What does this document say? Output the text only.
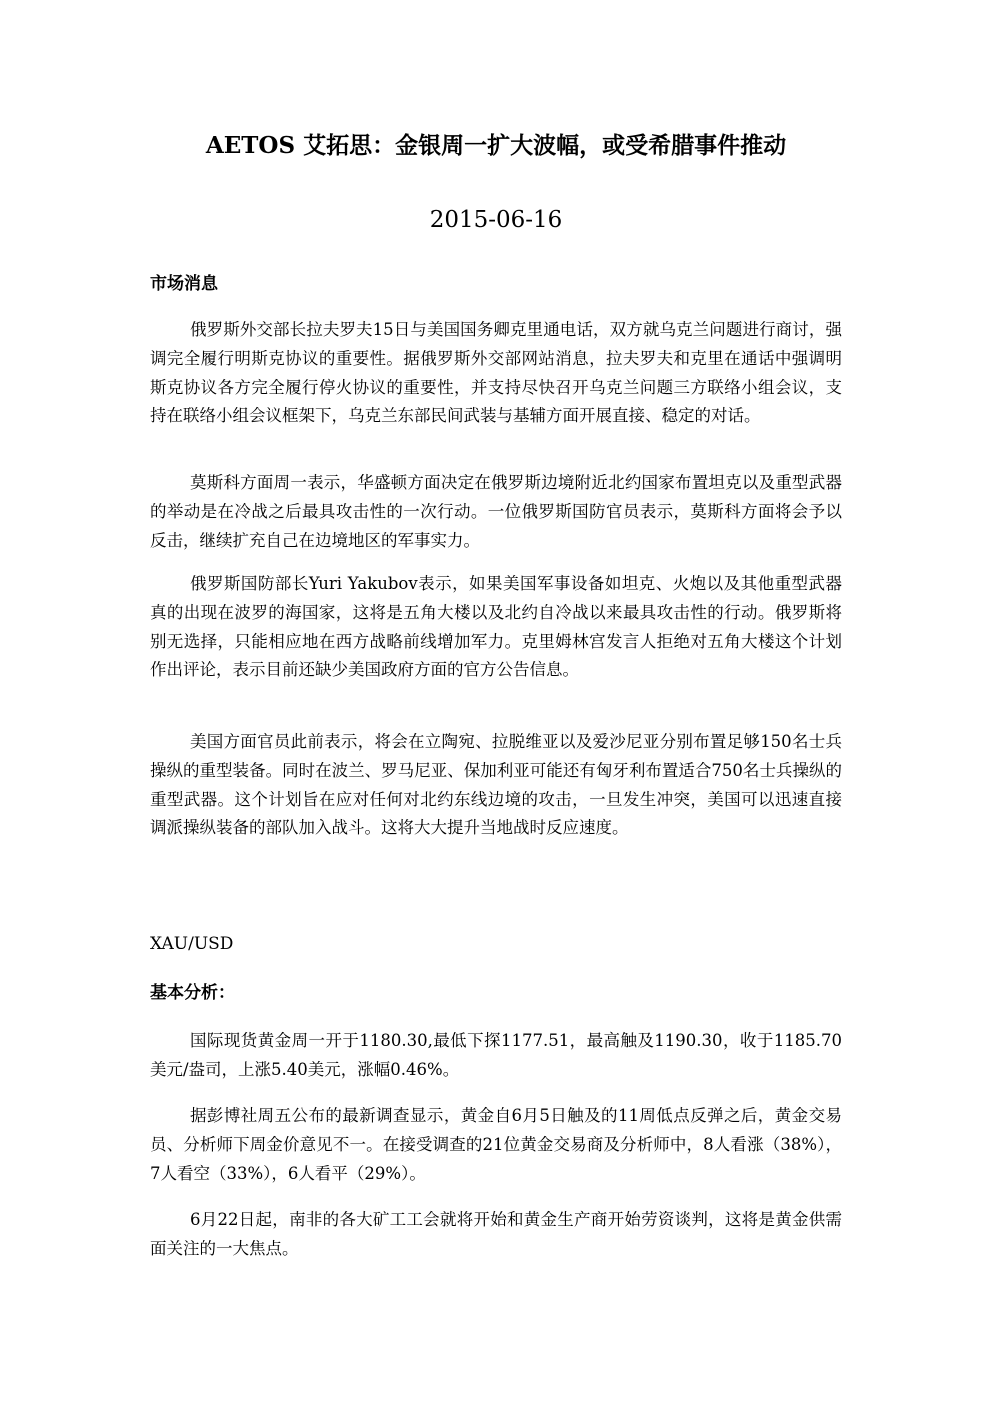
AETOS 艾拓思：金银周一扩大波幅，或受希腊事件推动
2015-06-16
市场消息

俄罗斯外交部长拉夫罗夫15日与美国国务卿克里通电话，双方就乌克兰问题进行商讨，强调完全履行明斯克协议的重要性。据俄罗斯外交部网站消息，拉夫罗夫和克里在通话中强调明斯克协议各方完全履行停火协议的重要性，并支持尽快召开乌克兰问题三方联络小组会议，支持在联络小组会议框架下，乌克兰东部民间武装与基辅方面开展直接、稳定的对话。

莫斯科方面周一表示，华盛顿方面决定在俄罗斯边境附近北约国家布置坦克以及重型武器的举动是在冷战之后最具攻击性的一次行动。一位俄罗斯国防官员表示，莫斯科方面将会予以反击，继续扩充自己在边境地区的军事实力。

俄罗斯国防部长Yuri Yakubov表示，如果美国军事设备如坦克、火炮以及其他重型武器真的出现在波罗的海国家，这将是五角大楼以及北约自冷战以来最具攻击性的行动。俄罗斯将别无选择，只能相应地在西方战略前线增加军力。克里姆林宫发言人拒绝对五角大楼这个计划作出评论，表示目前还缺少美国政府方面的官方公告信息。

美国方面官员此前表示，将会在立陶宛、拉脱维亚以及爱沙尼亚分别布置足够150名士兵操纵的重型装备。同时在波兰、罗马尼亚、保加利亚可能还有匈牙利布置适合750名士兵操纵的重型武器。这个计划旨在应对任何对北约东线边境的攻击，一旦发生冲突，美国可以迅速直接调派操纵装备的部队加入战斗。这将大大提升当地战时反应速度。

XAU/USD
基本分析：

国际现货黄金周一开于1180.30,最低下探1177.51，最高触及1190.30，收于1185.70美元/盎司，上涨5.40美元，涨幅0.46%。

据彭博社周五公布的最新调查显示，黄金自6月5日触及的11周低点反弹之后，黄金交易员、分析师下周金价意见不一。在接受调查的21位黄金交易商及分析师中，8人看涨（38%），7人看空（33%），6人看平（29%）。

6月22日起，南非的各大矿工工会就将开始和黄金生产商开始劳资谈判，这将是黄金供需面关注的一大焦点。
